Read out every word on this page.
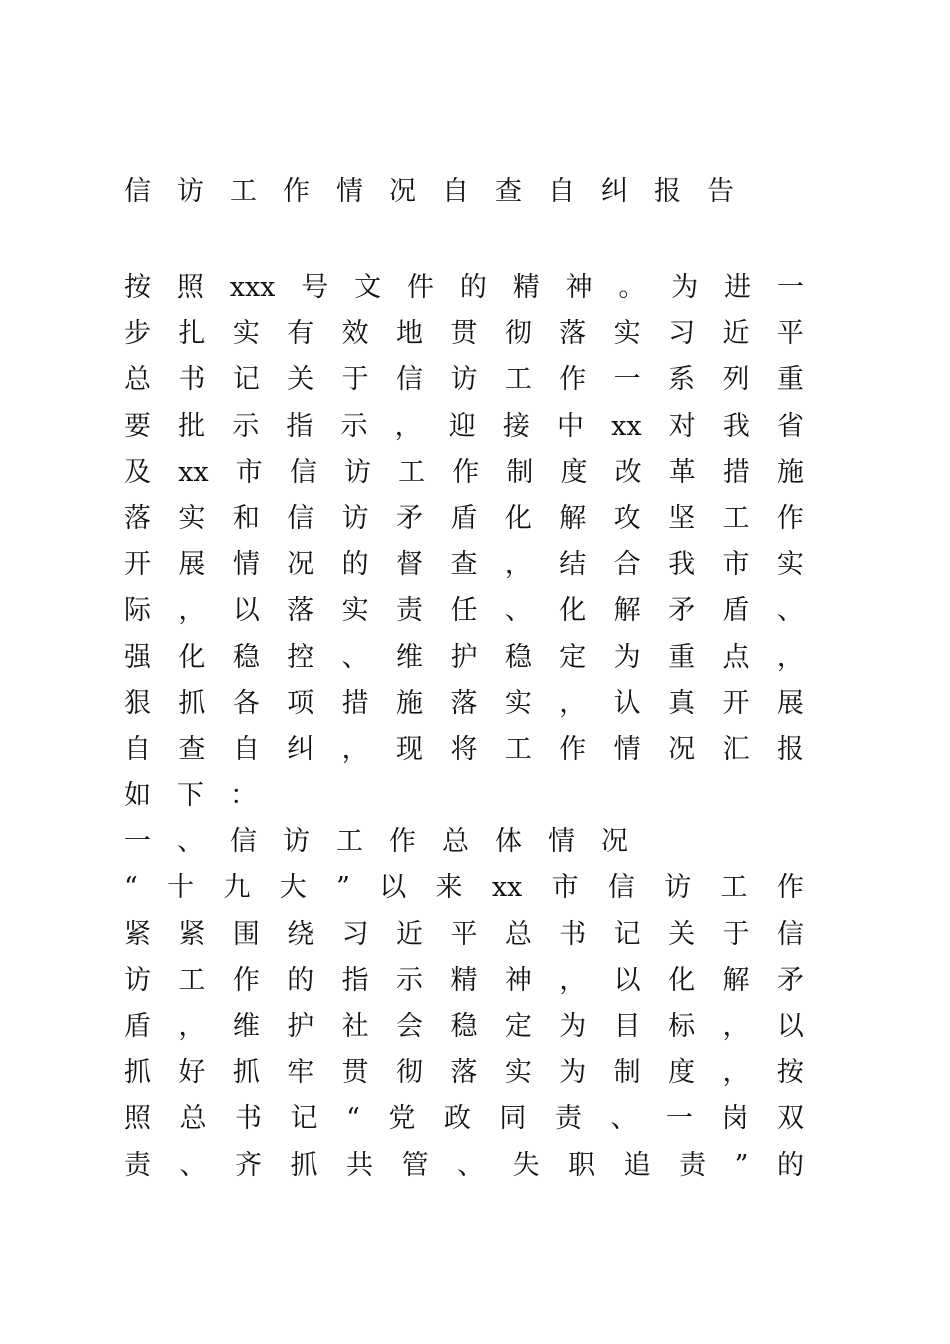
信访工作情况自查自纠报告
按 照 xxx 号 文 件 的 精 神 。 为 进 一
步 扎 实 有 效 地 贯 彻 落 实 习 近 平
总 书 记 关 于 信 访 工 作 一 系 列 重
要 批 示 指 示 ， 迎 接 中 xx 对 我 省
及 xx 市 信 访 工 作 制 度 改 革 措 施
落 实 和 信 访 矛 盾 化 解 攻 坚 工 作
开 展 情 况 的 督 查 ， 结 合 我 市 实
际 ， 以 落 实 责 任 、 化 解 矛 盾 、
强 化 稳 控 、 维 护 稳 定 为 重 点 ，
狠 抓 各 项 措 施 落 实 ， 认 真 开 展
自 查 自 纠 ， 现 将 工 作 情 况 汇 报
如下：
一、信访工作总体情况
“ 十 九 大 ” 以 来 xx 市 信 访 工 作
紧 紧 围 绕 习 近 平 总 书 记 关 于 信
访 工 作 的 指 示 精 神 ， 以 化 解 矛
盾 ， 维 护 社 会 稳 定 为 目 标 ， 以
抓 好 抓 牢 贯 彻 落 实 为 制 度 ， 按
照 总 书 记 “ 党 政 同 责 、 一 岗 双
责 、 齐 抓 共 管 、 失 职 追 责 ” 的
